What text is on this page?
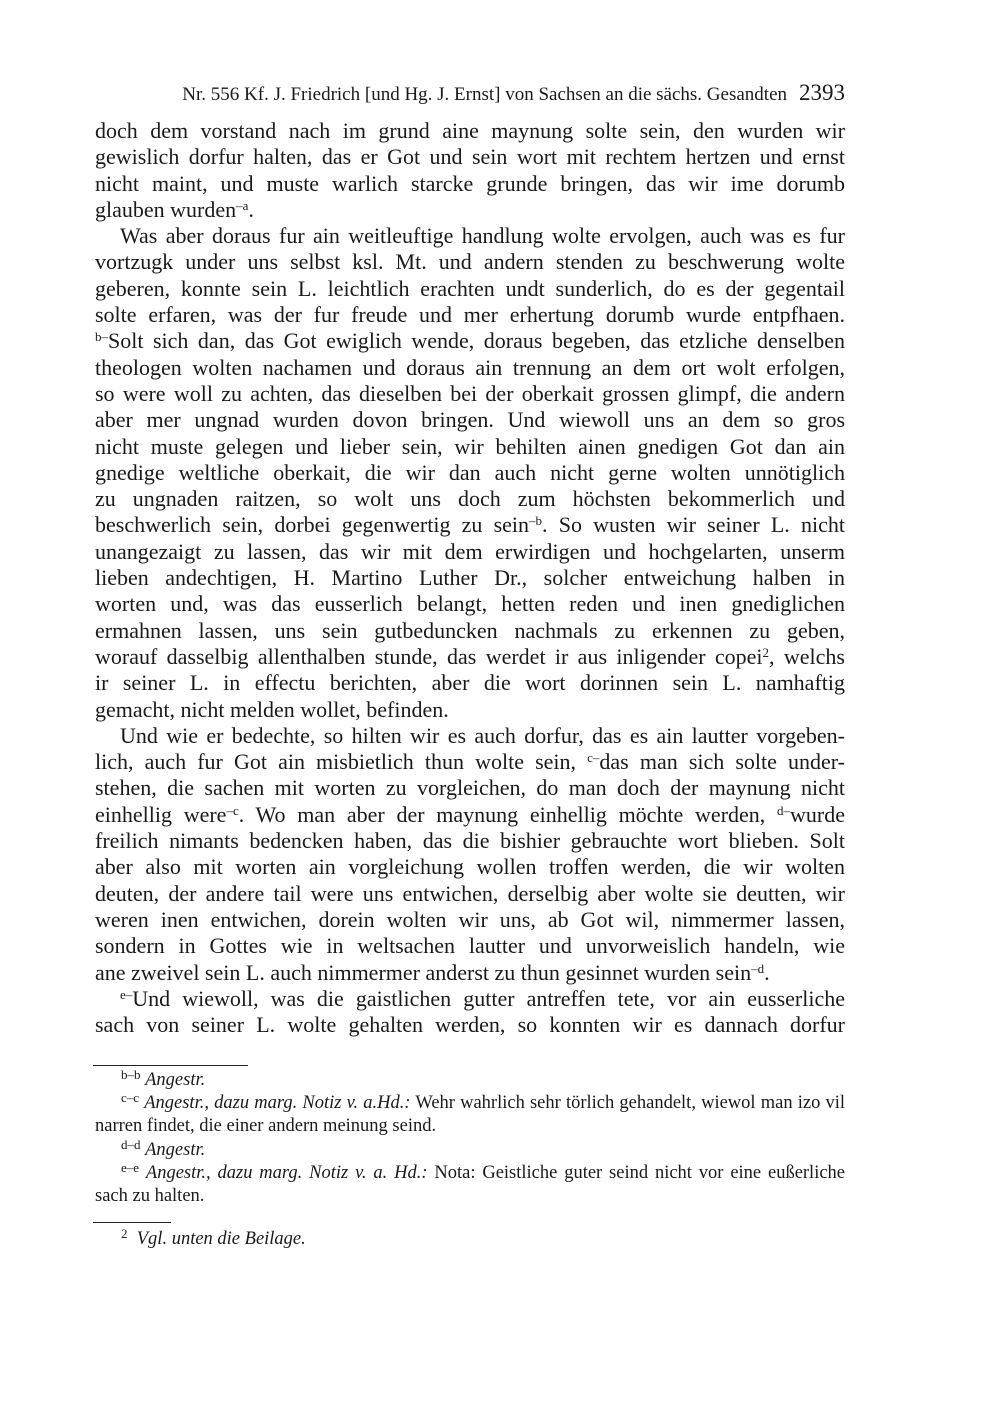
Nr. 556 Kf. J. Friedrich [und Hg. J. Ernst] von Sachsen an die sächs. Gesandten 2393
doch dem vorstand nach im grund aine maynung solte sein, den wurden wir
gewislich dorfur halten, das er Got und sein wort mit rechtem hertzen und ernst
nicht maint, und muste warlich starcke grunde bringen, das wir ime dorumb
glauben wurden$^{-a}$.
Was aber doraus fur ain weitleuftige handlung wolte ervolgen, auch was es fur
vortzugk under uns selbst ksl. Mt. und andern stenden zu beschwerung wolte
geberen, konnte sein L. leichtlich erachten undt sunderlich, do es der gegentail
solte erfaren, was der fur freude und mer erhertung dorumb wurde entpfhaen.
$^{b-}$Solt sich dan, das Got ewiglich wende, doraus begeben, das etzliche denselben
theologen wolten nachamen und doraus ain trennung an dem ort wolt erfolgen,
so were woll zu achten, das dieselben bei der oberkait grossen glimpf, die andern
aber mer ungnad wurden dovon bringen. Und wiewoll uns an dem so gros
nicht muste gelegen und lieber sein, wir behilten ainen gnedigen Got dan ain
gnedige weltliche oberkait, die wir dan auch nicht gerne wolten unnötiglich
zu ungnaden raitzen, so wolt uns doch zum höchsten bekommerlich und
beschwerlich sein, dorbei gegenwertig zu sein$^{-b}$. So wusten wir seiner L. nicht
unangezaigt zu lassen, das wir mit dem erwirdigen und hochgelarten, unserm
lieben andechtigen, H. Martino Luther Dr., solcher entweichung halben in
worten und, was das eusserlich belangt, hetten reden und inen gnediglichen
ermahnen lassen, uns sein gutbeduncken nachmals zu erkennen zu geben,
worauf dasselbig allenthalben stunde, das werdet ir aus inligender copei$^2$, welchs
ir seiner L. in effectu berichten, aber die wort dorinnen sein L. namhaftig
gemacht, nicht melden wollet, befinden.
Und wie er bedechte, so hilten wir es auch dorfur, das es ain lautter vorgeben-
lich, auch fur Got ain misbietlich thun wolte sein, $^{c-}$das man sich solte under-
stehen, die sachen mit worten zu vorgleichen, do man doch der maynung nicht
einhellig were$^{-c}$. Wo man aber der maynung einhellig möchte werden, $^{d-}$wurde
freilich nimants bedencken haben, das die bishier gebrauchte wort blieben. Solt
aber also mit worten ain vorgleichung wollen troffen werden, die wir wolten
deuten, der andere tail were uns entwichen, derselbig aber wolte sie deutten, wir
weren inen entwichen, dorein wolten wir uns, ab Got wil, nimmermer lassen,
sondern in Gottes wie in weltsachen lautter und unvorweislich handeln, wie
ane zweivel sein L. auch nimmermer anderst zu thun gesinnet wurden sein$^{-d}$.
$^{e-}$Und wiewoll, was die gaistlichen gutter antreffen tete, vor ain eusserliche
sach von seiner L. wolte gehalten werden, so konnten wir es dannach dorfur
$^{b-b}$ Angestr.
$^{c-c}$ Angestr., dazu marg. Notiz v. a.Hd.: Wehr wahrlich sehr törlich gehandelt, wiewol man izo vil narren findet, die einer andern meinung seind.
$^{d-d}$ Angestr.
$^{e-e}$ Angestr., dazu marg. Notiz v. a. Hd.: Nota: Geistliche guter seind nicht vor eine eußerliche sach zu halten.
$^2$ Vgl. unten die Beilage.
